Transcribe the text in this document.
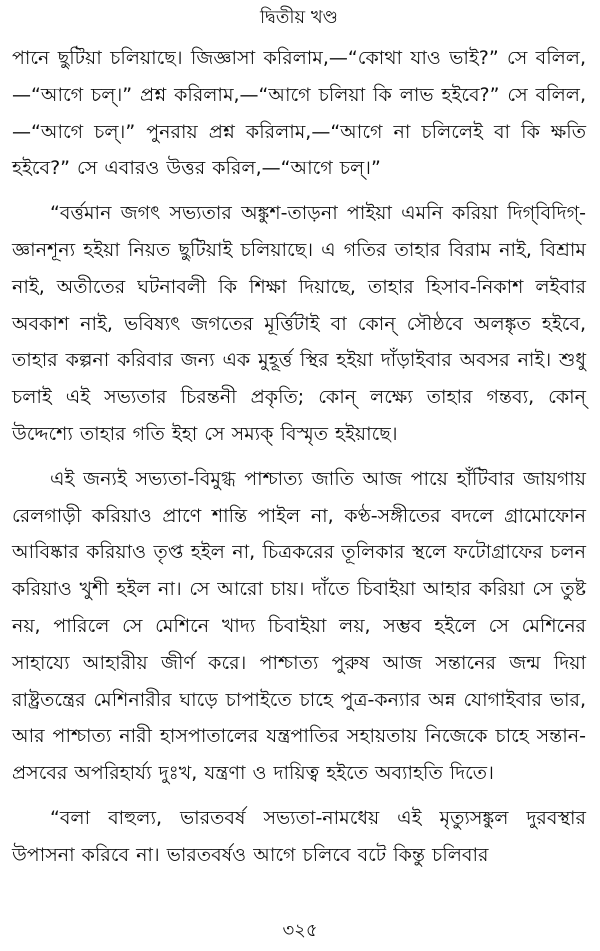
দ্বিতীয় খণ্ড

পানে ছুটিয়া চলিয়াছে। জিজ্ঞাসা করিলাম,—“কোথা যাও ভাই?” সে বলিল,—“আগে চল্।” প্রশ্ন করিলাম,—“আগে চলিয়া কি লাভ হইবে?” সে বলিল,—“আগে চল্।” পুনরায় প্রশ্ন করিলাম,—“আগে না চলিলেই বা কি ক্ষতি হইবে?” সে এবারও উত্তর করিল,—“আগে চল্।”

“বর্ত্তমান জগৎ সভ্যতার অঙ্কুশ-তাড়না পাইয়া এমনি করিয়া দিগ্‌বিদিগ্-জ্ঞানশূন্য হইয়া নিয়ত ছুটিয়াই চলিয়াছে। এ গতির তাহার বিরাম নাই, বিশ্রাম নাই, অতীতের ঘটনাবলী কি শিক্ষা দিয়াছে, তাহার হিসাব-নিকাশ লইবার অবকাশ নাই, ভবিষ্যৎ জগতের মূর্ত্তিটাই বা কোন্ সৌষ্ঠবে অলঙ্কৃত হইবে, তাহার কল্পনা করিবার জন্য এক মুহূর্ত্ত স্থির হইয়া দাঁড়াইবার অবসর নাই। শুধু চলাই এই সভ্যতার চিরন্তনী প্রকৃতি; কোন্ লক্ষ্যে তাহার গন্তব্য, কোন্ উদ্দেশ্যে তাহার গতি ইহা সে সম্যক্ বিস্মৃত হইয়াছে।

এই জন্যই সভ্যতা-বিমুগ্ধ পাশ্চাত্য জাতি আজ পায়ে হাঁটিবার জায়গায় রেলগাড়ী করিয়াও প্রাণে শান্তি পাইল না, কণ্ঠ-সঙ্গীতের বদলে গ্রামোফোন আবিষ্কার করিয়াও তৃপ্ত হইল না, চিত্রকরের তূলিকার স্থলে ফটোগ্রাফের চলন করিয়াও খুশী হইল না। সে আরো চায়। দাঁতে চিবাইয়া আহার করিয়া সে তুষ্ট নয়, পারিলে সে মেশিনে খাদ্য চিবাইয়া লয়, সম্ভব হইলে সে মেশিনের সাহায্যে আহারীয় জীর্ণ করে। পাশ্চাত্য পুরুষ আজ সন্তানের জন্ম দিয়া রাষ্ট্রতন্ত্রের মেশিনারীর ঘাড়ে চাপাইতে চাহে পুত্র-কন্যার অন্ন যোগাইবার ভার, আর পাশ্চাত্য নারী হাসপাতালের যন্ত্রপাতির সহায়তায় নিজেকে চাহে সন্তান-প্রসবের অপরিহার্য্য দুঃখ, যন্ত্রণা ও দায়িত্ব হইতে অব্যাহতি দিতে।

“বলা বাহুল্য, ভারতবর্ষ সভ্যতা-নামধেয় এই মৃত্যুসঙ্কুল দুরবস্থার উপাসনা করিবে না। ভারতবর্ষও আগে চলিবে বটে কিন্তু চলিবার

৩২৫
